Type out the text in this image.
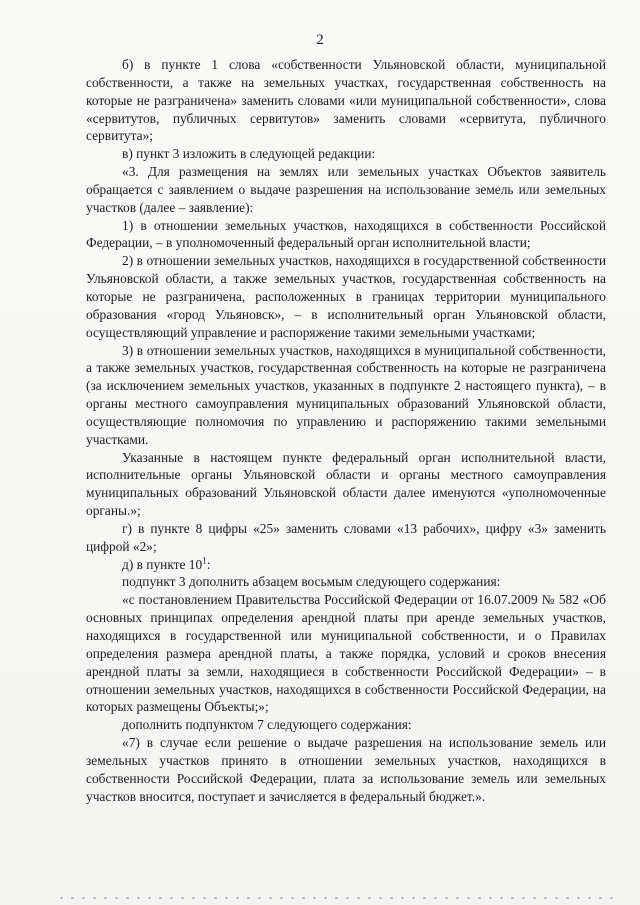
2

б) в пункте 1 слова «собственности Ульяновской области, муниципальной собственности, а также на земельных участках, государственная собственность на которые не разграничена» заменить словами «или муниципальной собственности», слова «сервитутов, публичных сервитутов» заменить словами «сервитута, публичного сервитута»;

в) пункт 3 изложить в следующей редакции:

«3. Для размещения на землях или земельных участках Объектов заявитель обращается с заявлением о выдаче разрешения на использование земель или земельных участков (далее – заявление):

1) в отношении земельных участков, находящихся в собственности Российской Федерации, – в уполномоченный федеральный орган исполнительной власти;

2) в отношении земельных участков, находящихся в государственной собственности Ульяновской области, а также земельных участков, государственная собственность на которые не разграничена, расположенных в границах территории муниципального образования «город Ульяновск», – в исполнительный орган Ульяновской области, осуществляющий управление и распоряжение такими земельными участками;

3) в отношении земельных участков, находящихся в муниципальной собственности, а также земельных участков, государственная собственность на которые не разграничена (за исключением земельных участков, указанных в подпункте 2 настоящего пункта), – в органы местного самоуправления муниципальных образований Ульяновской области, осуществляющие полномочия по управлению и распоряжению такими земельными участками.

Указанные в настоящем пункте федеральный орган исполнительной власти, исполнительные органы Ульяновской области и органы местного самоуправления муниципальных образований Ульяновской области далее именуются «уполномоченные органы.»;

г) в пункте 8 цифры «25» заменить словами «13 рабочих», цифру «3» заменить цифрой «2»;

д) в пункте $10^1$:

подпункт 3 дополнить абзацем восьмым следующего содержания:

«с постановлением Правительства Российской Федерации от 16.07.2009 № 582 «Об основных принципах определения арендной платы при аренде земельных участков, находящихся в государственной или муниципальной собственности, и о Правилах определения размера арендной платы, а также порядка, условий и сроков внесения арендной платы за земли, находящиеся в собственности Российской Федерации» – в отношении земельных участков, находящихся в собственности Российской Федерации, на которых размещены Объекты;»;

дополнить подпунктом 7 следующего содержания:

«7) в случае если решение о выдаче разрешения на использование земель или земельных участков принято в отношении земельных участков, находящихся в собственности Российской Федерации, плата за использование земель или земельных участков вносится, поступает и зачисляется в федеральный бюджет.».
